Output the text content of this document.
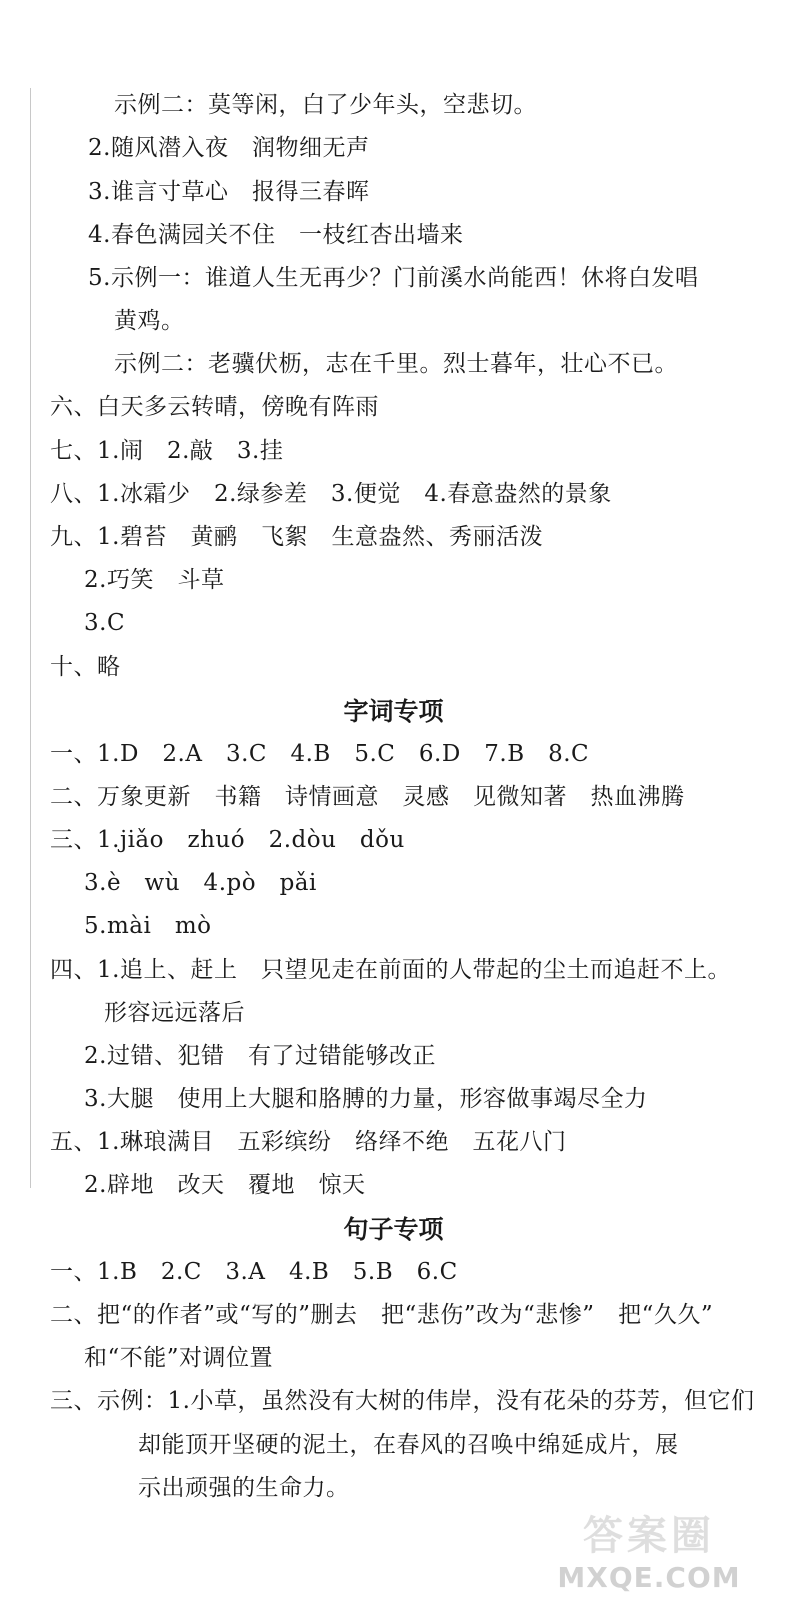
示例二：莫等闲，白了少年头，空悲切。
2.随风潜入夜　润物细无声
3.谁言寸草心　报得三春晖
4.春色满园关不住　一枝红杏出墙来
5.示例一：谁道人生无再少？门前溪水尚能西！休将白发唱
黄鸡。
示例二：老骥伏枥，志在千里。烈士暮年，壮心不已。
六、白天多云转晴，傍晚有阵雨
七、1.闹　2.敲　3.挂
八、1.冰霜少　2.绿参差　3.便觉　4.春意盎然的景象
九、1.碧苔　黄鹂　飞絮　生意盎然、秀丽活泼
2.巧笑　斗草
3.C
十、略
字词专项
一、1.D　2.A　3.C　4.B　5.C　6.D　7.B　8.C
二、万象更新　书籍　诗情画意　灵感　见微知著　热血沸腾
三、1.jiǎo　zhuó　2.dòu　dǒu
3.è　wù　4.pò　pǎi
5.mài　mò
四、1.追上、赶上　只望见走在前面的人带起的尘土而追赶不上。
形容远远落后
2.过错、犯错　有了过错能够改正
3.大腿　使用上大腿和胳膊的力量，形容做事竭尽全力
五、1.琳琅满目　五彩缤纷　络绎不绝　五花八门
2.辟地　改天　覆地　惊天
句子专项
一、1.B　2.C　3.A　4.B　5.B　6.C
二、把“的作者”或“写的”删去　把“悲伤”改为“悲惨”　把“久久”
和“不能”对调位置
三、示例：1.小草，虽然没有大树的伟岸，没有花朵的芬芳，但它们
却能顶开坚硬的泥土，在春风的召唤中绵延成片，展
示出顽强的生命力。
答案圈
MXQE.COM
